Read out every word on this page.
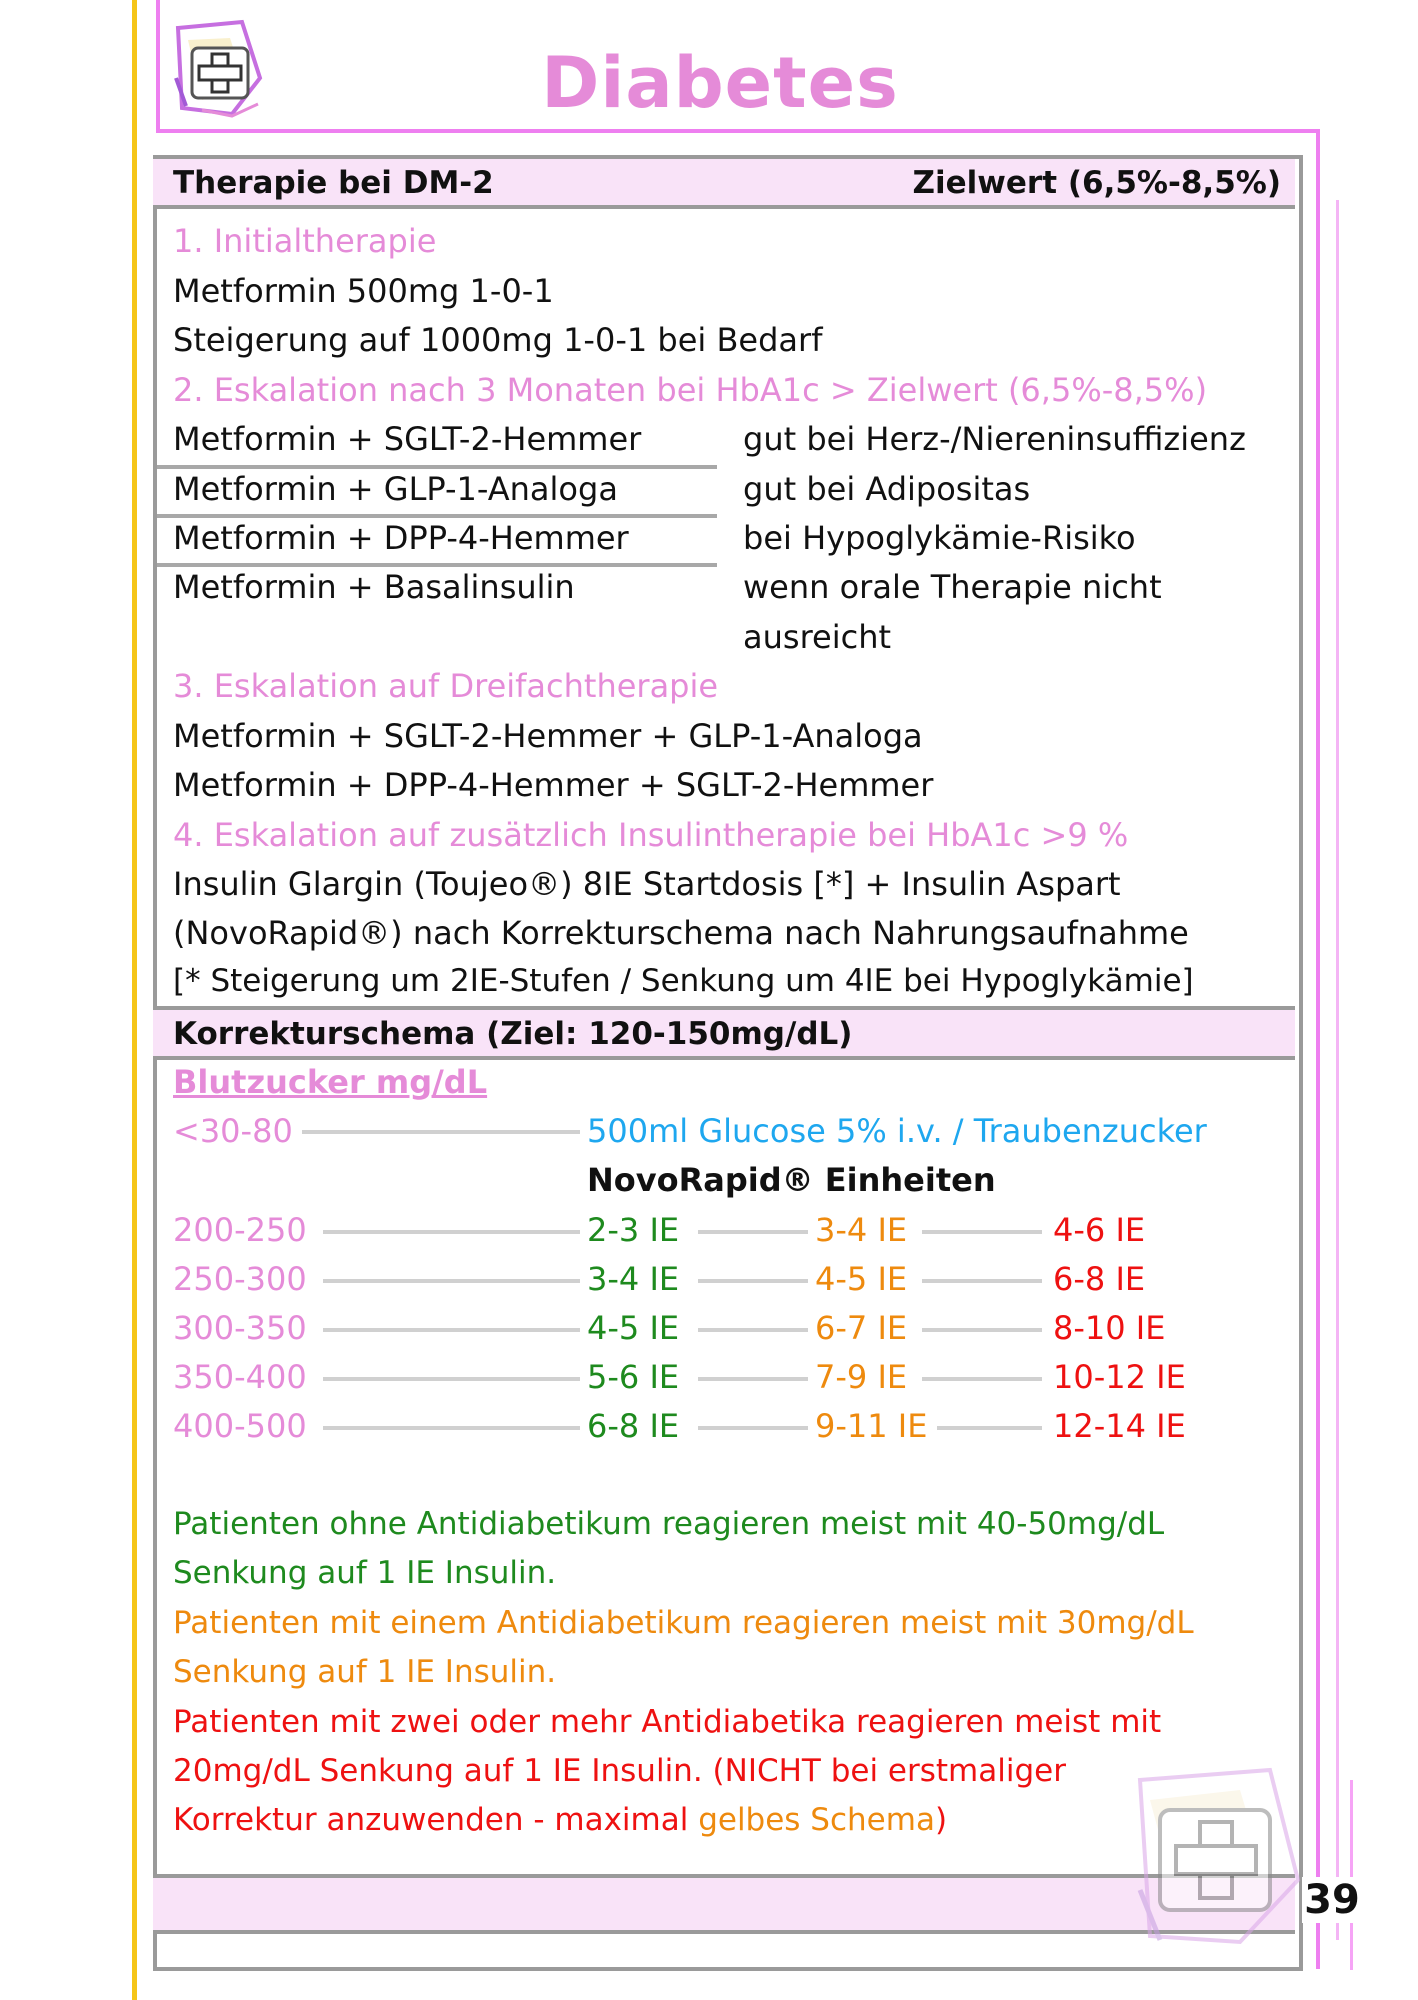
Diabetes
Therapie bei DM-2	Zielwert (6,5%-8,5%)
1. Initialtherapie
Metformin 500mg 1-0-1
Steigerung auf 1000mg 1-0-1 bei Bedarf
2. Eskalation nach 3 Monaten bei HbA1c > Zielwert (6,5%-8,5%)
Metformin + SGLT-2-Hemmer	gut bei Herz-/Niereninsuffizienz
Metformin + GLP-1-Analoga	gut bei Adipositas
Metformin + DPP-4-Hemmer	bei Hypoglykämie-Risiko
Metformin + Basalinsulin	wenn orale Therapie nicht
ausreicht
3. Eskalation auf Dreifachtherapie
Metformin + SGLT-2-Hemmer + GLP-1-Analoga
Metformin + DPP-4-Hemmer + SGLT-2-Hemmer
4. Eskalation auf zusätzlich Insulintherapie bei HbA1c >9 %
Insulin Glargin (Toujeo®) 8IE Startdosis [*] + Insulin Aspart
(NovoRapid®) nach Korrekturschema nach Nahrungsaufnahme
[* Steigerung um 2IE-Stufen / Senkung um 4IE bei Hypoglykämie]
Korrekturschema (Ziel: 120-150mg/dL)
Blutzucker mg/dL
<30-80	500ml Glucose 5% i.v. / Traubenzucker
NovoRapid® Einheiten
200-250	2-3 IE	3-4 IE	4-6 IE
250-300	3-4 IE	4-5 IE	6-8 IE
300-350	4-5 IE	6-7 IE	8-10 IE
350-400	5-6 IE	7-9 IE	10-12 IE
400-500	6-8 IE	9-11 IE	12-14 IE
Patienten ohne Antidiabetikum reagieren meist mit 40-50mg/dL
Senkung auf 1 IE Insulin.
Patienten mit einem Antidiabetikum reagieren meist mit 30mg/dL
Senkung auf 1 IE Insulin.
Patienten mit zwei oder mehr Antidiabetika reagieren meist mit
20mg/dL Senkung auf 1 IE Insulin. (NICHT bei erstmaliger
Korrektur anzuwenden - maximal gelbes Schema)
39
